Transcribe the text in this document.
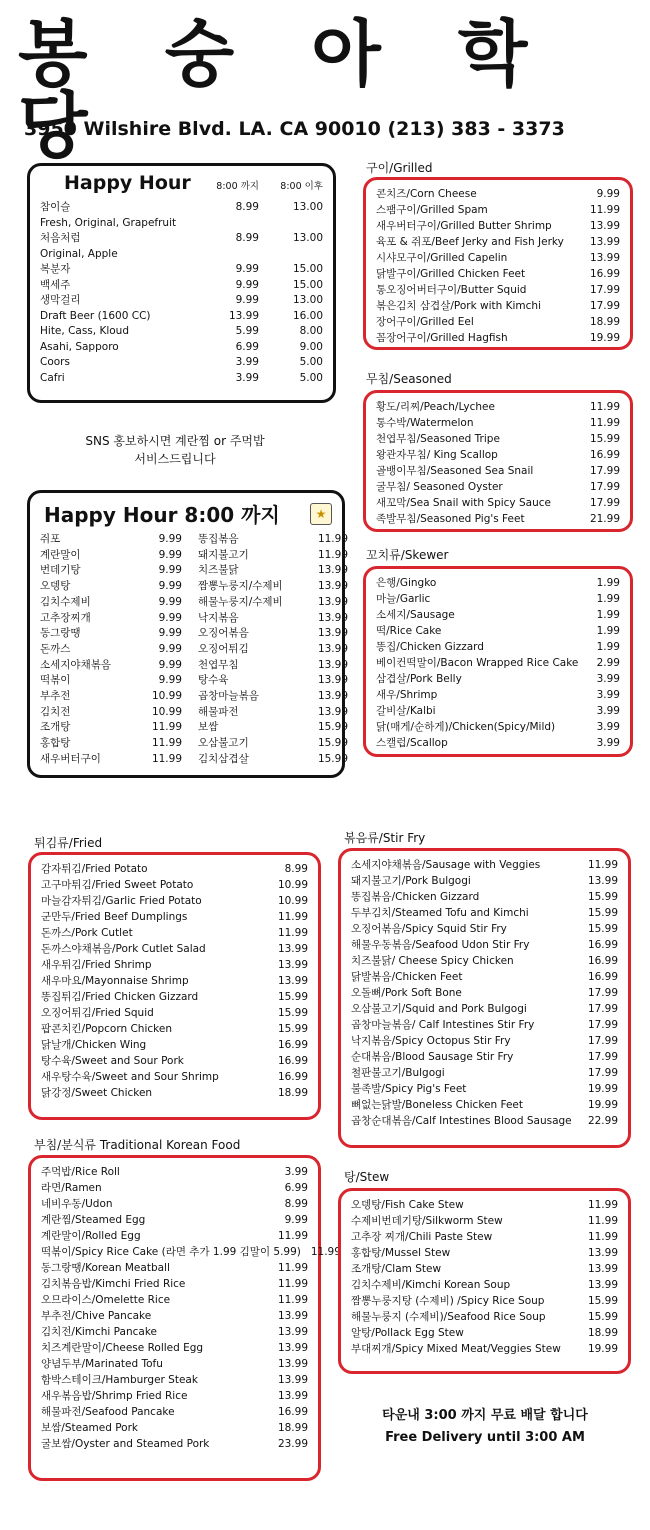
봉 숭 아 학 당
3950 Wilshire Blvd. LA. CA 90010 (213) 383 - 3373
Happy Hour	8:00 까지	8:00 이후
참이슬	8.99	13.00
Fresh, Original, Grapefruit
처음처럼	8.99	13.00
Original, Apple
복분자	9.99	15.00
백세주	9.99	15.00
생막걸리	9.99	13.00
Draft Beer (1600 CC)	13.99	16.00
Hite, Cass, Kloud	5.99	8.00
Asahi, Sapporo	6.99	9.00
Coors	3.99	5.00
Cafri	3.99	5.00
SNS 홍보하시면 계란찜 or 주먹밥
서비스드립니다
Happy Hour 8:00 까지	★
쥐포	9.99 똥집볶음	11.99
계란말이	9.99 돼지불고기	11.99
번데기탕	9.99 치즈불닭	13.99
오뎅탕	9.99 짬뽕누룽지/수제비	13.99
김치수제비	9.99 해물누룽지/수제비	13.99
고추장찌개	9.99 낙지볶음	13.99
동그랑땡	9.99 오징어볶음	13.99
돈까스	9.99 오징어튀김	13.99
소세지야채볶음	9.99 천엽무침	13.99
떡볶이	9.99 탕수육	13.99
부추전	10.99 곱창마늘볶음	13.99
김치전	10.99 해물파전	13.99
조개탕	11.99 보쌈	15.99
홍합탕	11.99 오삼불고기	15.99
새우버터구이	11.99 김치삼겹살	15.99
구이/Grilled
콘치즈/Corn Cheese	9.99
스팸구이/Grilled Spam	11.99
새우버터구이/Grilled Butter Shrimp	13.99
육포 & 쥐포/Beef Jerky and Fish Jerky	13.99
시샤모구이/Grilled Capelin	13.99
닭발구이/Grilled Chicken Feet	16.99
통오징어버터구이/Butter Squid	17.99
볶은김치 삼겹살/Pork with Kimchi	17.99
장어구이/Grilled Eel	18.99
꼼장어구이/Grilled Hagfish	19.99
무침/Seasoned
황도/리찌/Peach/Lychee	11.99
통수박/Watermelon	11.99
천엽무침/Seasoned Tripe	15.99
왕관자무침/ King Scallop	16.99
골뱅이무침/Seasoned Sea Snail	17.99
굴무침/ Seasoned Oyster	17.99
새꼬막/Sea Snail with Spicy Sauce	17.99
족발무침/Seasoned Pig's Feet	21.99
꼬치류/Skewer
은행/Gingko	1.99
마늘/Garlic	1.99
소세지/Sausage	1.99
떡/Rice Cake	1.99
똥집/Chicken Gizzard	1.99
베이컨떡말이/Bacon Wrapped Rice Cake	2.99
삼겹살/Pork Belly	3.99
새우/Shrimp	3.99
갈비살/Kalbi	3.99
닭(매게/순하게)/Chicken(Spicy/Mild)	3.99
스캘럽/Scallop	3.99
튀김류/Fried
감자튀김/Fried Potato	8.99
고구마튀김/Fried Sweet Potato	10.99
마늘감자튀김/Garlic Fried Potato	10.99
군만두/Fried Beef Dumplings	11.99
돈까스/Pork Cutlet	11.99
돈까스야채볶음/Pork Cutlet Salad	13.99
새우튀김/Fried Shrimp	13.99
새우마요/Mayonnaise Shrimp	13.99
똥집튀김/Fried Chicken Gizzard	15.99
오징어튀김/Fried Squid	15.99
팝콘치킨/Popcorn Chicken	15.99
닭날개/Chicken Wing	16.99
탕수육/Sweet and Sour Pork	16.99
새우탕수육/Sweet and Sour Shrimp	16.99
닭강정/Sweet Chicken	18.99
부침/분식류 Traditional Korean Food
주먹밥/Rice Roll	3.99
라면/Ramen	6.99
네비우동/Udon	8.99
계란찜/Steamed Egg	9.99
계란말이/Rolled Egg	11.99
떡볶이/Spicy Rice Cake (라면 추가 1.99 김말이 5.99) 11.99
동그랑땡/Korean Meatball	11.99
김치볶음밥/Kimchi Fried Rice	11.99
오므라이스/Omelette Rice	11.99
부추전/Chive Pancake	13.99
김치전/Kimchi Pancake	13.99
치즈계란말이/Cheese Rolled Egg	13.99
양념두부/Marinated Tofu	13.99
함박스테이크/Hamburger Steak	13.99
새우볶음밥/Shrimp Fried Rice	13.99
해물파전/Seafood Pancake	16.99
보쌈/Steamed Pork	18.99
굴보쌈/Oyster and Steamed Pork	23.99
볶음류/Stir Fry
소세지야채볶음/Sausage with Veggies	11.99
돼지불고기/Pork Bulgogi	13.99
똥집볶음/Chicken Gizzard	15.99
두부김치/Steamed Tofu and Kimchi	15.99
오징어볶음/Spicy Squid Stir Fry	15.99
해물우동볶음/Seafood Udon Stir Fry	16.99
치즈불닭/ Cheese Spicy Chicken	16.99
닭발볶음/Chicken Feet	16.99
오돌뼈/Pork Soft Bone	17.99
오삼불고기/Squid and Pork Bulgogi	17.99
곱창마늘볶음/ Calf Intestines Stir Fry	17.99
낙지볶음/Spicy Octopus Stir Fry	17.99
순대볶음/Blood Sausage Stir Fry	17.99
철판불고기/Bulgogi	17.99
불족발/Spicy Pig's Feet	19.99
뼈없는닭발/Boneless Chicken Feet	19.99
곱창순대볶음/Calf Intestines Blood Sausage	22.99
탕/Stew
오뎅탕/Fish Cake Stew	11.99
수제비번데기탕/Silkworm Stew	11.99
고추장 찌개/Chili Paste Stew	11.99
홍합탕/Mussel Stew	13.99
조개탕/Clam Stew	13.99
김치수제비/Kimchi Korean Soup	13.99
짬뽕누룽지탕 (수제비) /Spicy Rice Soup	15.99
해물누룽지 (수제비)/Seafood Rice Soup	15.99
알탕/Pollack Egg Stew	18.99
부대찌개/Spicy Mixed Meat/Veggies Stew	19.99
타운내 3:00 까지 무료 배달 합니다
Free Delivery until 3:00 AM
